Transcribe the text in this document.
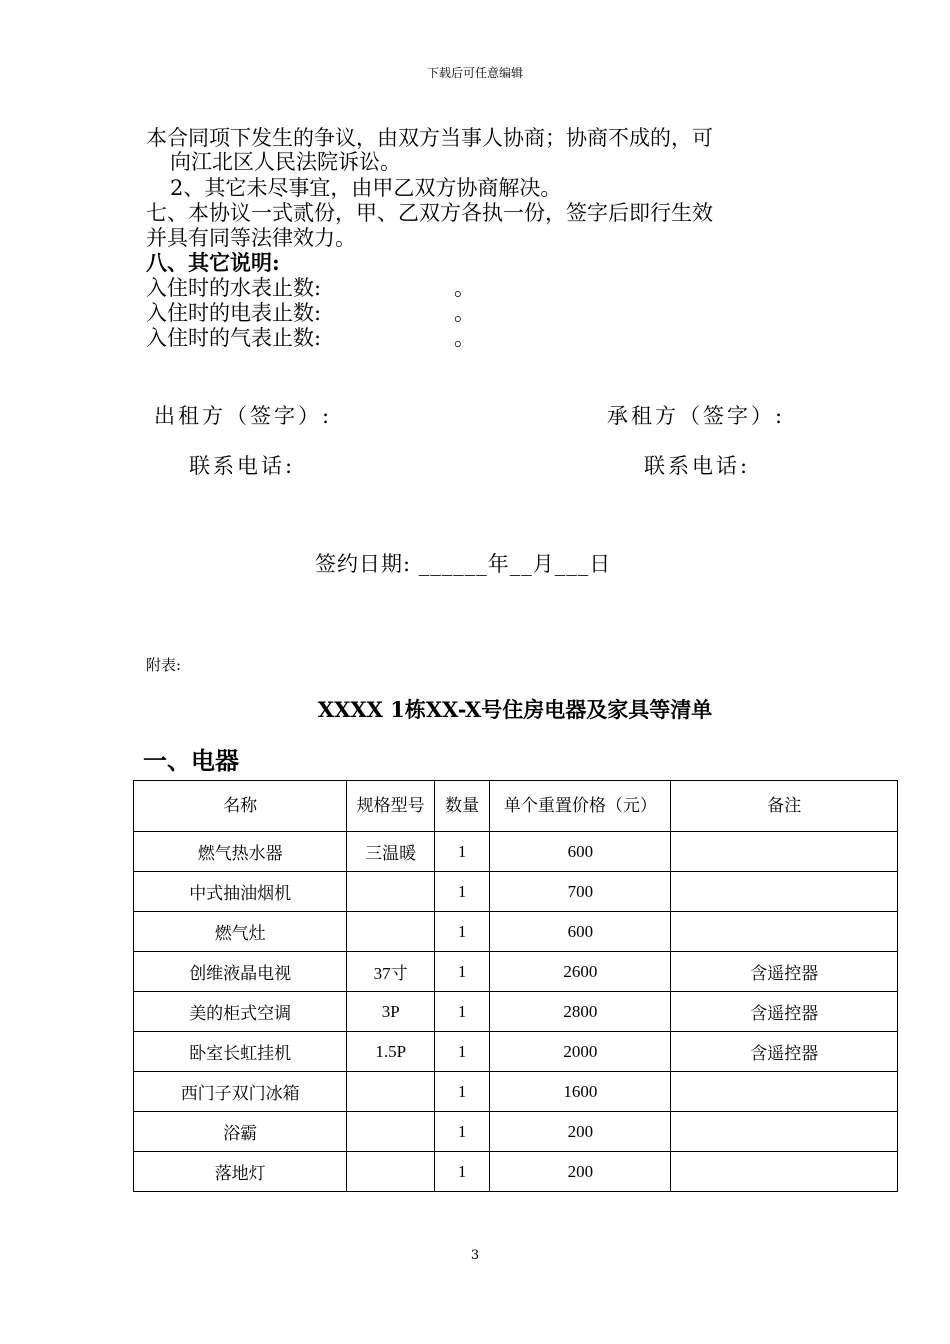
下载后可任意编辑
本合同项下发生的争议，由双方当事人协商；协商不成的，可
向江北区人民法院诉讼。
2、其它未尽事宜，由甲乙双方协商解决。
七、本协议一式贰份，甲、乙双方各执一份，签字后即行生效
并具有同等法律效力。
八、其它说明:
入住时的水表止数:	。
入住时的电表止数:	。
入住时的气表止数:	。
出租方（签字）:	承租方（签字）:
联系电话:	联系电话:
签约日期: ______年__月___日
附表:
XXXX 1栋XX-X号住房电器及家具等清单
一、电器
名称	规格型号	数量	单个重置价格（元）	备注
燃气热水器	三温暖	1	600	
中式抽油烟机		1	700	
燃气灶		1	600	
创维液晶电视	37寸	1	2600	含遥控器
美的柜式空调	3P	1	2800	含遥控器
卧室长虹挂机	1.5P	1	2000	含遥控器
西门子双门冰箱		1	1600	
浴霸		1	200	
落地灯		1	200	
3
